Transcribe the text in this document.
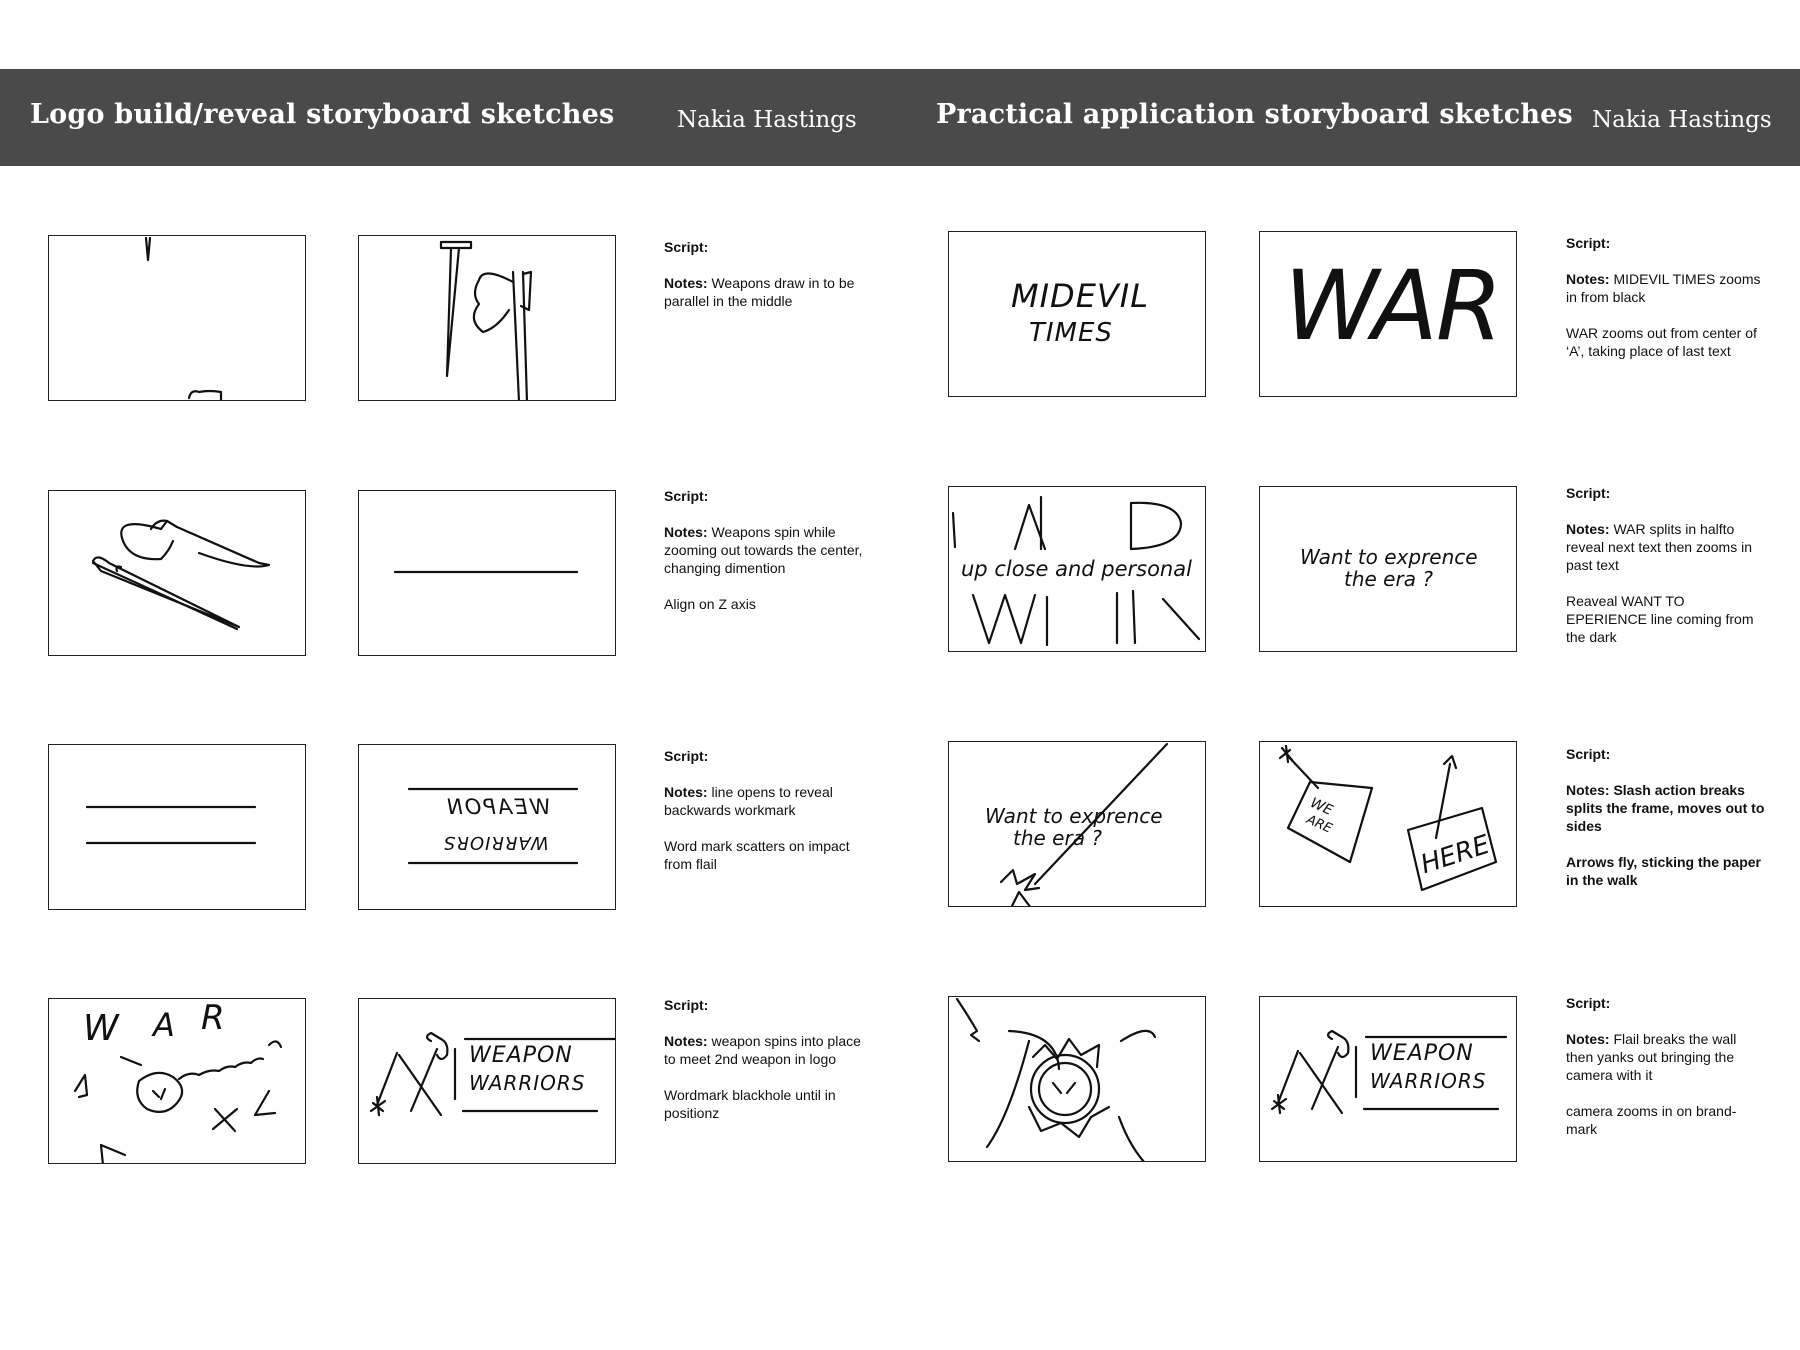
Logo build/reveal storyboard sketches	Nakia Hastings	Practical application storyboard sketches Nakia Hastings
Script:

Notes: Weapons draw in to be parallel in the middle

Script:

Notes: Weapons spin while zooming out towards the center, changing dimention

Align on Z axis

WEAPON
WARRIORS
Script:

Notes: line opens to reveal backwards workmark

Word mark scatters on impact from flail

W A R
WEAPON
WARRIORS
Script:

Notes: weapon spins into place to meet 2nd weapon in logo

Wordmark blackhole until in positionz

MIDEVIL
TIMES WAR
Script:

Notes: MIDEVIL TIMES zooms in from black

WAR zooms out from center of ‘A’, taking place of last text

up close and personal	Want to exprence
the era ?
Script:

Notes: WAR splits in halfto reveal next text then zooms in past text

Reaveal WANT TO EPERIENCE line coming from the dark

Want to exprence
the era ?
WE
ARE
HERE
Script:

Notes: Slash action breaks splits the frame, moves out to sides

Arrows fly, sticking the paper in the walk

WEAPON
WARRIORS
Script:

Notes: Flail breaks the wall then yanks out bringing the camera with it

camera zooms in on brand-mark
